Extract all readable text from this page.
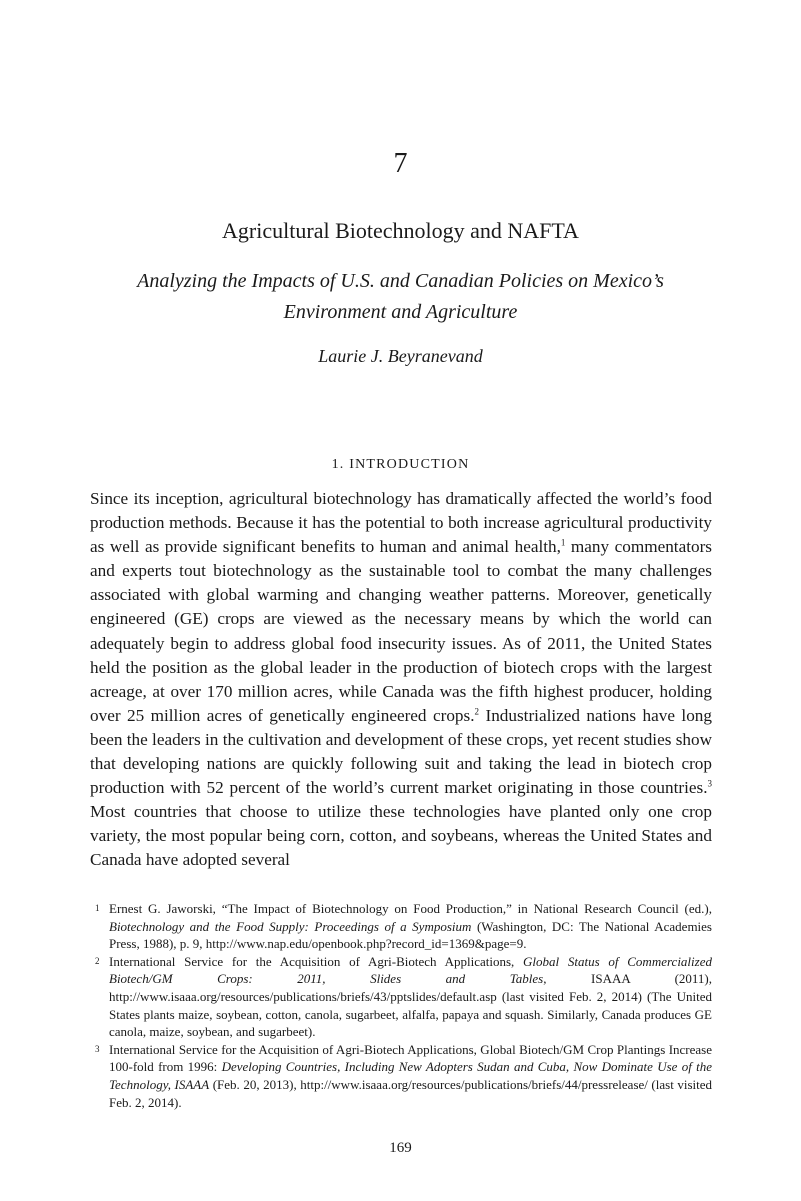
7
Agricultural Biotechnology and NAFTA
Analyzing the Impacts of U.S. and Canadian Policies on Mexico’s Environment and Agriculture
Laurie J. Beyranevand
1. INTRODUCTION
Since its inception, agricultural biotechnology has dramatically affected the world’s food production methods. Because it has the potential to both increase agricultural productivity as well as provide significant benefits to human and animal health,$^1$ many commentators and experts tout biotechnology as the sustainable tool to combat the many challenges associated with global warming and changing weather patterns. Moreover, genetically engineered (GE) crops are viewed as the necessary means by which the world can adequately begin to address global food insecurity issues. As of 2011, the United States held the position as the global leader in the production of biotech crops with the largest acreage, at over 170 million acres, while Canada was the fifth highest producer, holding over 25 million acres of genetically engineered crops.$^2$ Industrialized nations have long been the leaders in the cultivation and development of these crops, yet recent studies show that developing nations are quickly following suit and taking the lead in biotech crop production with 52 percent of the world’s current market originating in those countries.$^3$ Most countries that choose to utilize these technologies have planted only one crop variety, the most popular being corn, cotton, and soybeans, whereas the United States and Canada have adopted several
1 Ernest G. Jaworski, “The Impact of Biotechnology on Food Production,” in National Research Council (ed.), Biotechnology and the Food Supply: Proceedings of a Symposium (Washington, DC: The National Academies Press, 1988), p. 9, http://www.nap.edu/openbook.php?record_id=1369&page=9.
2 International Service for the Acquisition of Agri-Biotech Applications, Global Status of Commercialized Biotech/GM Crops: 2011, Slides and Tables, ISAAA (2011), http://www.isaaa.org/resources/publications/briefs/43/pptslides/default.asp (last visited Feb. 2, 2014) (The United States plants maize, soybean, cotton, canola, sugarbeet, alfalfa, papaya and squash. Similarly, Canada produces GE canola, maize, soybean, and sugarbeet).
3 International Service for the Acquisition of Agri-Biotech Applications, Global Biotech/GM Crop Plantings Increase 100-fold from 1996: Developing Countries, Including New Adopters Sudan and Cuba, Now Dominate Use of the Technology, ISAAA (Feb. 20, 2013), http://www.isaaa.org/resources/publications/briefs/44/pressrelease/ (last visited Feb. 2, 2014).
169
